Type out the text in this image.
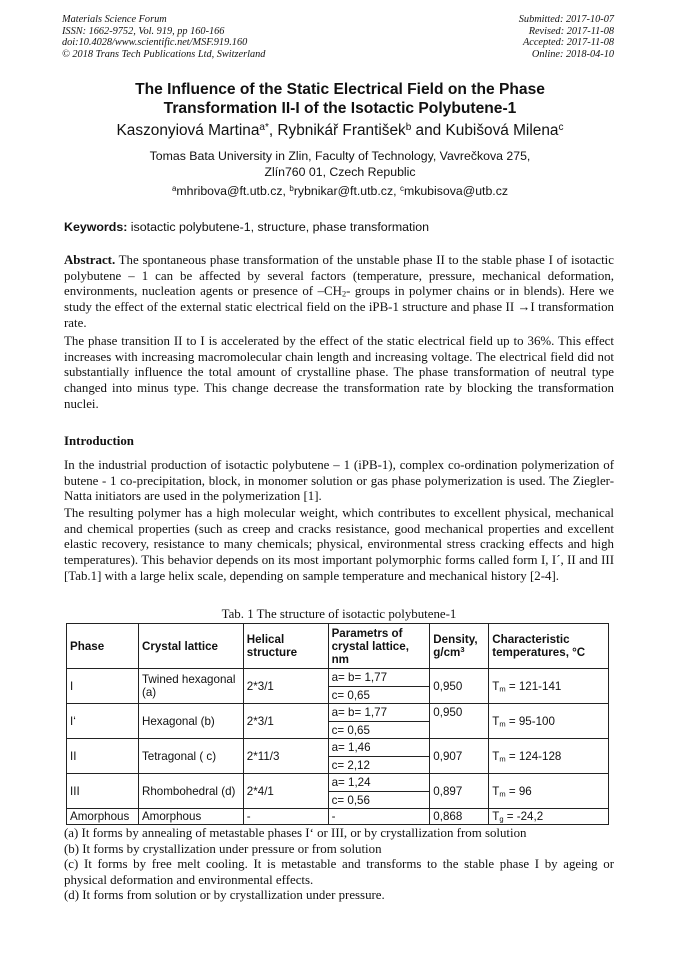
Materials Science Forum
ISSN: 1662-9752, Vol. 919, pp 160-166
doi:10.4028/www.scientific.net/MSF.919.160
© 2018 Trans Tech Publications Ltd, Switzerland
Submitted: 2017-10-07
Revised: 2017-11-08
Accepted: 2017-11-08
Online: 2018-04-10
The Influence of the Static Electrical Field on the Phase
Transformation II-I of the Isotactic Polybutene-1
Kaszonyiová Martina$^{a*}$, Rybnikář František$^b$ and Kubišová Milena$^c$
Tomas Bata University in Zlin, Faculty of Technology, Vavrečkova 275,
Zlín760 01, Czech Republic
$^a$mhribova@ft.utb.cz, $^b$rybnikar@ft.utb.cz, $^c$mkubisova@utb.cz
Keywords: isotactic polybutene-1, structure, phase transformation
Abstract. The spontaneous phase transformation of the unstable phase II to the stable phase I of isotactic polybutene – 1 can be affected by several factors (temperature, pressure, mechanical deformation, environments, nucleation agents or presence of $-CH_2-$ groups in polymer chains or in blends). Here we study the effect of the external static electrical field on the iPB-1 structure and phase II →I transformation rate.
The phase transition II to I is accelerated by the effect of the static electrical field up to 36%. This effect increases with increasing macromolecular chain length and increasing voltage. The electrical field did not substantially influence the total amount of crystalline phase. The phase transformation of neutral type changed into minus type. This change decrease the transformation rate by blocking the transformation nuclei.
Introduction
In the industrial production of isotactic polybutene – 1 (iPB-1), complex co-ordination polymerization of butene - 1 co-precipitation, block, in monomer solution or gas phase polymerization is used. The Ziegler-Natta initiators are used in the polymerization [1].
The resulting polymer has a high molecular weight, which contributes to excellent physical, mechanical and chemical properties (such as creep and cracks resistance, good mechanical properties and excellent elastic recovery, resistance to many chemicals; physical, environmental stress cracking effects and high temperatures). This behavior depends on its most important polymorphic forms called form I, I´, II and III [Tab.1] with a large helix scale, depending on sample temperature and mechanical history [2-4].
Tab. 1 The structure of isotactic polybutene-1
Phase	Crystal lattice	Helical structure	Parametrs of crystal lattice, nm	Density, $g/cm^3$	Characteristic temperatures, °C
I	Twined hexagonal (a)	2*3/1	a= b= 1,77
c= 0,65	0,950	$T_m = 121-141$
I‘	Hexagonal (b)	2*3/1	a= b= 1,77
c= 0,65	0,950	$T_m = 95-100$
II	Tetragonal ( c)	2*11/3	a= 1,46
c= 2,12	0,907	$T_m = 124-128$
III	Rhombohedral (d)	2*4/1	a= 1,24
c= 0,56	0,897	$T_m = 96$
Amorphous	Amorphous	-	-	0,868	$T_g = -24,2$
(a) It forms by annealing of metastable phases I‘ or III, or by crystallization from solution
(b) It forms by crystallization under pressure or from solution
(c) It forms by free melt cooling. It is metastable and transforms to the stable phase I by ageing or physical deformation and environmental effects.
(d) It forms from solution or by crystallization under pressure.
